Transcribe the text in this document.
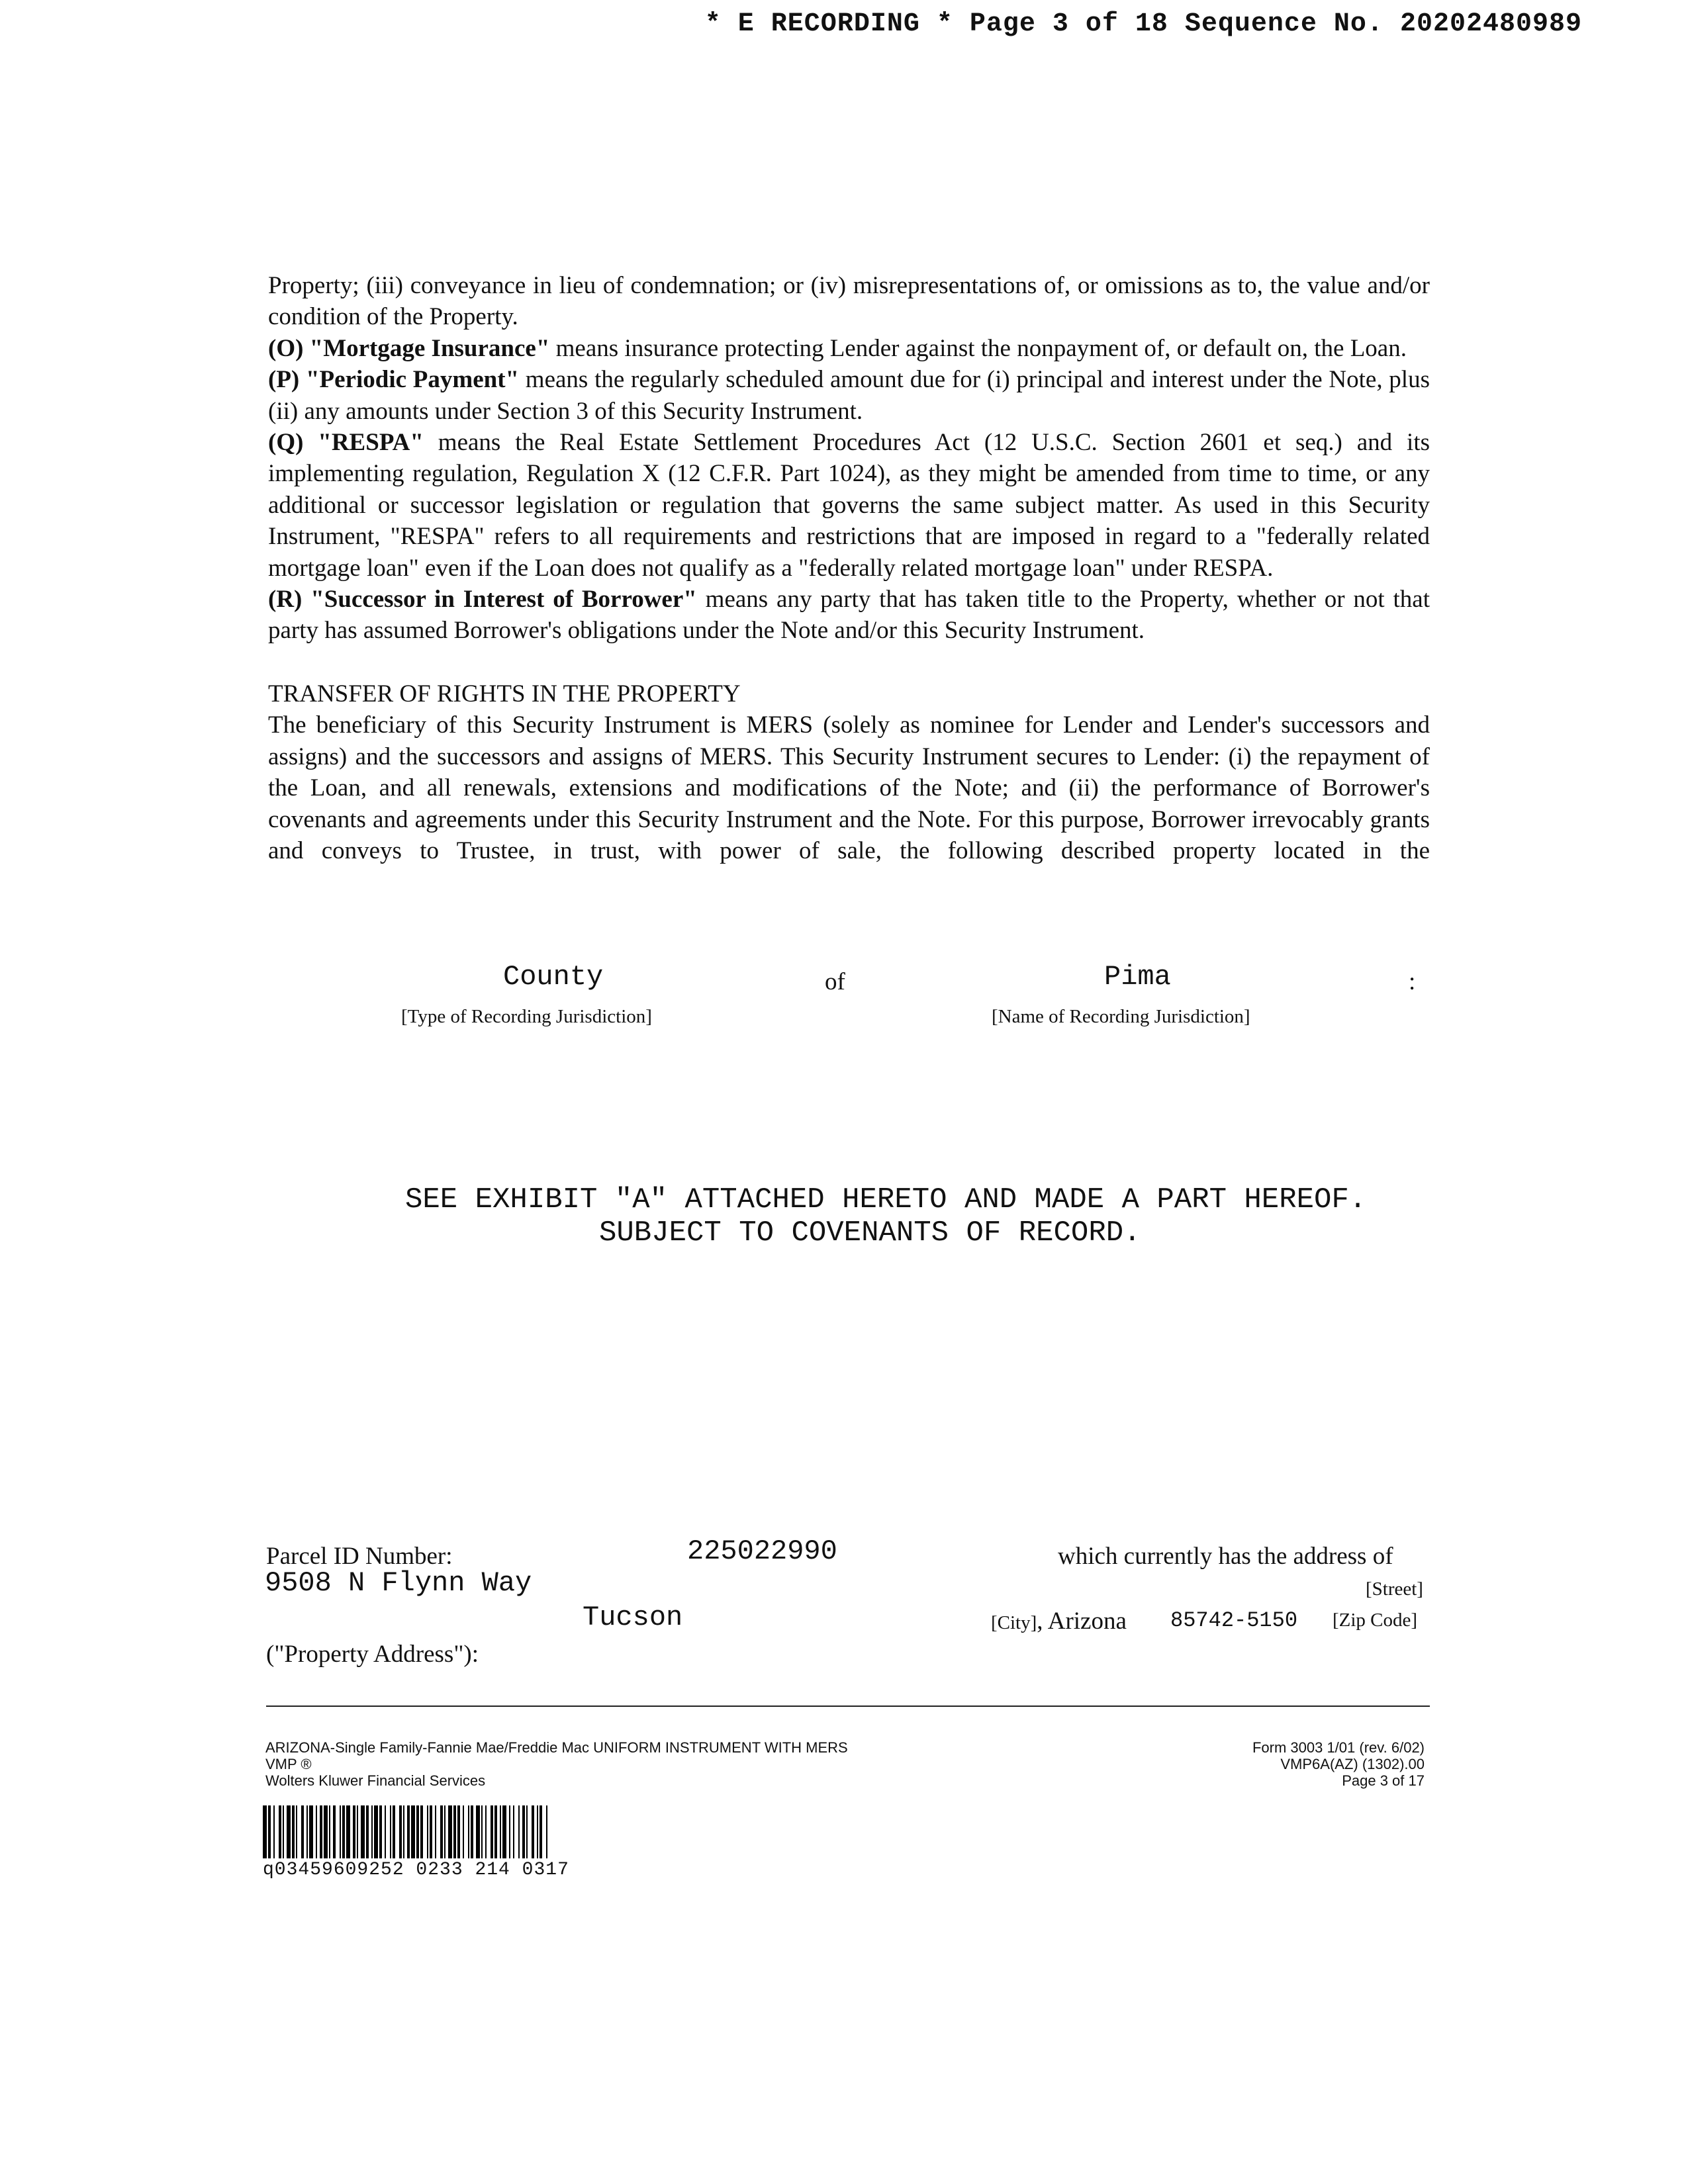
* E RECORDING * Page 3 of 18 Sequence No. 20202480989

Property; (iii) conveyance in lieu of condemnation; or (iv) misrepresentations of, or omissions as to, the value and/or condition of the Property.

(O) "Mortgage Insurance" means insurance protecting Lender against the nonpayment of, or default on, the Loan.

(P) "Periodic Payment" means the regularly scheduled amount due for (i) principal and interest under the Note, plus (ii) any amounts under Section 3 of this Security Instrument.

(Q) "RESPA" means the Real Estate Settlement Procedures Act (12 U.S.C. Section 2601 et seq.) and its implementing regulation, Regulation X (12 C.F.R. Part 1024), as they might be amended from time to time, or any additional or successor legislation or regulation that governs the same subject matter. As used in this Security Instrument, "RESPA" refers to all requirements and restrictions that are imposed in regard to a "federally related mortgage loan" even if the Loan does not qualify as a "federally related mortgage loan" under RESPA.

(R) "Successor in Interest of Borrower" means any party that has taken title to the Property, whether or not that party has assumed Borrower's obligations under the Note and/or this Security Instrument.

TRANSFER OF RIGHTS IN THE PROPERTY

The beneficiary of this Security Instrument is MERS (solely as nominee for Lender and Lender's successors and assigns) and the successors and assigns of MERS. This Security Instrument secures to Lender: (i) the repayment of the Loan, and all renewals, extensions and modifications of the Note; and (ii) the performance of Borrower's covenants and agreements under this Security Instrument and the Note. For this purpose, Borrower irrevocably grants and conveys to Trustee, in trust, with power of sale, the following described property located in the

County	of	Pima	:
[Type of Recording Jurisdiction]	[Name of Recording Jurisdiction]
SEE EXHIBIT "A" ATTACHED HERETO AND MADE A PART HEREOF.
SUBJECT TO COVENANTS OF RECORD.
Parcel ID Number:	225022990	which currently has the address of
9508 N Flynn Way	[Street]
Tucson	[City], Arizona 85742-5150 [Zip Code]
("Property Address"):
ARIZONA-Single Family-Fannie Mae/Freddie Mac UNIFORM INSTRUMENT WITH MERS
VMP ®
Wolters Kluwer Financial Services
Form 3003 1/01 (rev. 6/02)
VMP6A(AZ) (1302).00
Page 3 of 17
q03459609252 0233 214 0317
